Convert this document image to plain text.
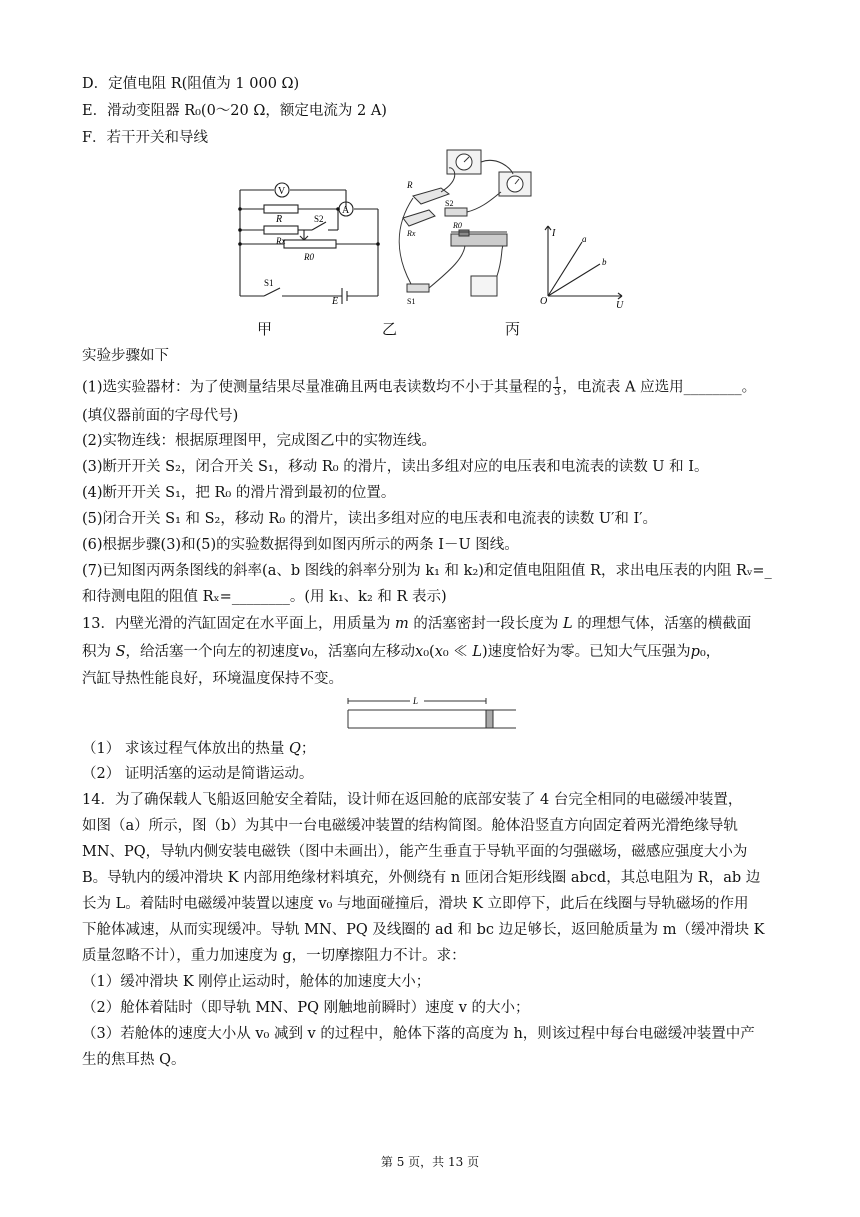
D．定值电阻 R(阻值为 1 000 Ω)
E．滑动变阻器 R₀(0～20 Ω，额定电流为 2 A)
F．若干开关和导线
V
A
R	S2
Rx
R0
S1
E
R
S2
Rx
R0
S1
I	a
b
O	U
甲	乙	丙
实验步骤如下
(1)选实验器材：为了使测量结果尽量准确且两电表读数均不小于其量程的 $\frac{1}{3}$ ，电流表 A 应选用________。
(填仪器前面的字母代号)
(2)实物连线：根据原理图甲，完成图乙中的实物连线。
(3)断开开关 S₂，闭合开关 S₁，移动 R₀ 的滑片，读出多组对应的电压表和电流表的读数 U 和 I。
(4)断开开关 S₁，把 R₀ 的滑片滑到最初的位置。
(5)闭合开关 S₁ 和 S₂，移动 R₀ 的滑片，读出多组对应的电压表和电流表的读数 U′和 I′。
(6)根据步骤(3)和(5)的实验数据得到如图丙所示的两条 I－U 图线。
(7)已知图丙两条图线的斜率(a、b 图线的斜率分别为 k₁ 和 k₂)和定值电阻阻值 R，求出电压表的内阻 Rᵥ=_
和待测电阻的阻值 Rₓ=________。(用 k₁、k₂ 和 R 表示)
13．内壁光滑的汽缸固定在水平面上，用质量为 𝑚 的活塞密封一段长度为 𝐿 的理想气体，活塞的横截面
积为 𝑆，给活塞一个向左的初速度𝑣₀，活塞向左移动𝑥₀(𝑥₀ ≪ 𝐿)速度恰好为零。已知大气压强为𝑝₀，
汽缸导热性能良好，环境温度保持不变。
L
（1） 求该过程气体放出的热量 𝑄；
（2） 证明活塞的运动是简谐运动。
14．为了确保载人飞船返回舱安全着陆，设计师在返回舱的底部安装了 4 台完全相同的电磁缓冲装置，
如图（a）所示，图（b）为其中一台电磁缓冲装置的结构简图。舱体沿竖直方向固定着两光滑绝缘导轨
MN、PQ，导轨内侧安装电磁铁（图中未画出），能产生垂直于导轨平面的匀强磁场，磁感应强度大小为
B。导轨内的缓冲滑块 K 内部用绝缘材料填充，外侧绕有 n 匝闭合矩形线圈 abcd，其总电阻为 R，ab 边
长为 L。着陆时电磁缓冲装置以速度 v₀ 与地面碰撞后，滑块 K 立即停下，此后在线圈与导轨磁场的作用
下舱体减速，从而实现缓冲。导轨 MN、PQ 及线圈的 ad 和 bc 边足够长，返回舱质量为 m（缓冲滑块 K
质量忽略不计），重力加速度为 g，一切摩擦阻力不计。求：
（1）缓冲滑块 K 刚停止运动时，舱体的加速度大小；
（2）舱体着陆时（即导轨 MN、PQ 刚触地前瞬时）速度 v 的大小；
（3）若舱体的速度大小从 v₀ 减到 v 的过程中，舱体下落的高度为 h，则该过程中每台电磁缓冲装置中产
生的焦耳热 Q。
第 5 页，共 13 页
